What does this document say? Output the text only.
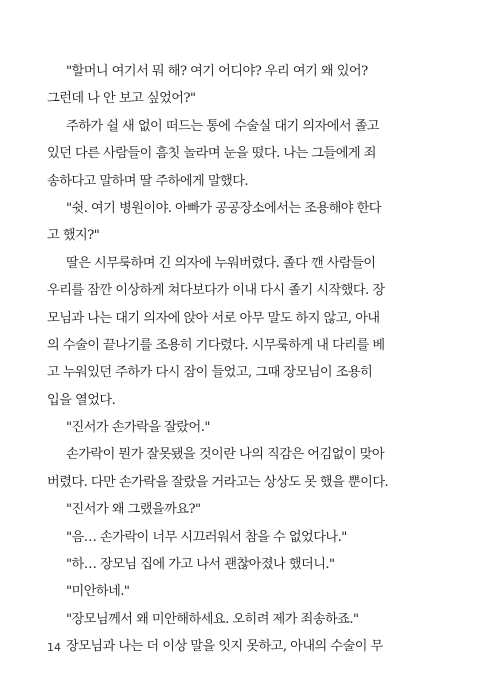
"할머니 여기서 뭐 해? 여기 어디야? 우리 여기 왜 있어?
그런데 나 안 보고 싶었어?"
주하가 쉴 새 없이 떠드는 통에 수술실 대기 의자에서 졸고
있던 다른 사람들이 흠칫 놀라며 눈을 떴다. 나는 그들에게 죄
송하다고 말하며 딸 주하에게 말했다.
"쉿. 여기 병원이야. 아빠가 공공장소에서는 조용해야 한다
고 했지?"
딸은 시무룩하며 긴 의자에 누워버렸다. 졸다 깬 사람들이
우리를 잠깐 이상하게 쳐다보다가 이내 다시 졸기 시작했다. 장
모님과 나는 대기 의자에 앉아 서로 아무 말도 하지 않고, 아내
의 수술이 끝나기를 조용히 기다렸다. 시무룩하게 내 다리를 베
고 누워있던 주하가 다시 잠이 들었고, 그때 장모님이 조용히
입을 열었다.
"진서가 손가락을 잘랐어."
손가락이 뭔가 잘못됐을 것이란 나의 직감은 어김없이 맞아
버렸다. 다만 손가락을 잘랐을 거라고는 상상도 못 했을 뿐이다.
"진서가 왜 그랬을까요?"
"음… 손가락이 너무 시끄러워서 참을 수 없었다나."
"하… 장모님 집에 가고 나서 괜찮아졌나 했더니."
"미안하네."
"장모님께서 왜 미안해하세요. 오히려 제가 죄송하죠."
장모님과 나는 더 이상 말을 잇지 못하고, 아내의 수술이 무
14
